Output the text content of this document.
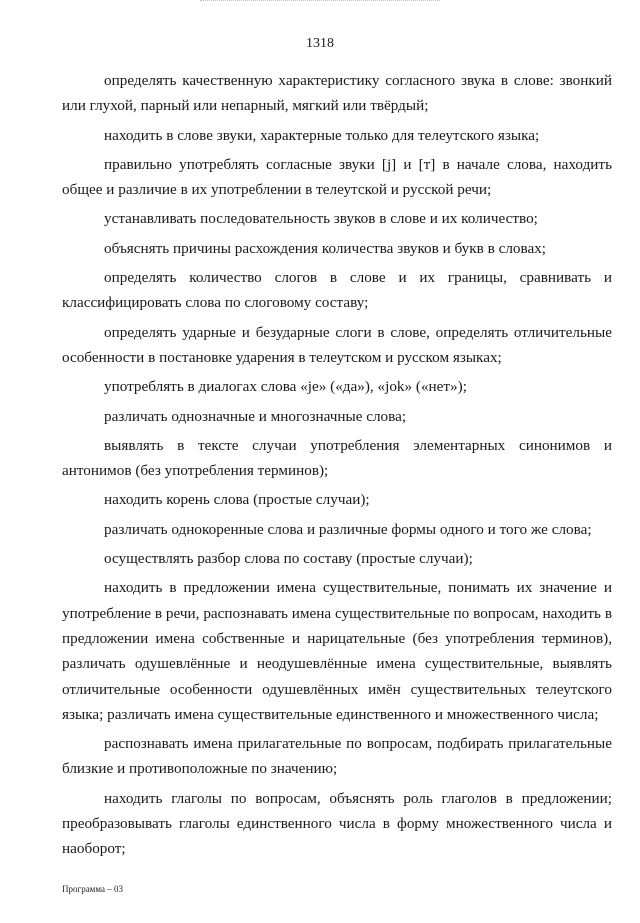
1318

определять качественную характеристику согласного звука в слове: звонкий или глухой, парный или непарный, мягкий или твёрдый;

находить в слове звуки, характерные только для телеутского языка;

правильно употреблять согласные звуки [j] и [т] в начале слова, находить общее и различие в их употреблении в телеутской и русской речи;

устанавливать последовательность звуков в слове и их количество;

объяснять причины расхождения количества звуков и букв в словах;

определять количество слогов в слове и их границы, сравнивать и классифицировать слова по слоговому составу;

определять ударные и безударные слоги в слове, определять отличительные особенности в постановке ударения в телеутском и русском языках;

употреблять в диалогах слова «je» («да»), «jok» («нет»);

различать однозначные и многозначные слова;

выявлять в тексте случаи употребления элементарных синонимов и антонимов (без употребления терминов);

находить корень слова (простые случаи);

различать однокоренные слова и различные формы одного и того же слова;

осуществлять разбор слова по составу (простые случаи);

находить в предложении имена существительные, понимать их значение и употребление в речи, распознавать имена существительные по вопросам, находить в предложении имена собственные и нарицательные (без употребления терминов), различать одушевлённые и неодушевлённые имена существительные, выявлять отличительные особенности одушевлённых имён существительных телеутского языка; различать имена существительные единственного и множественного числа;

распознавать имена прилагательные по вопросам, подбирать прилагательные близкие и противоположные по значению;

находить глаголы по вопросам, объяснять роль глаголов в предложении; преобразовывать глаголы единственного числа в форму множественного числа и наоборот;

Программа – 03
